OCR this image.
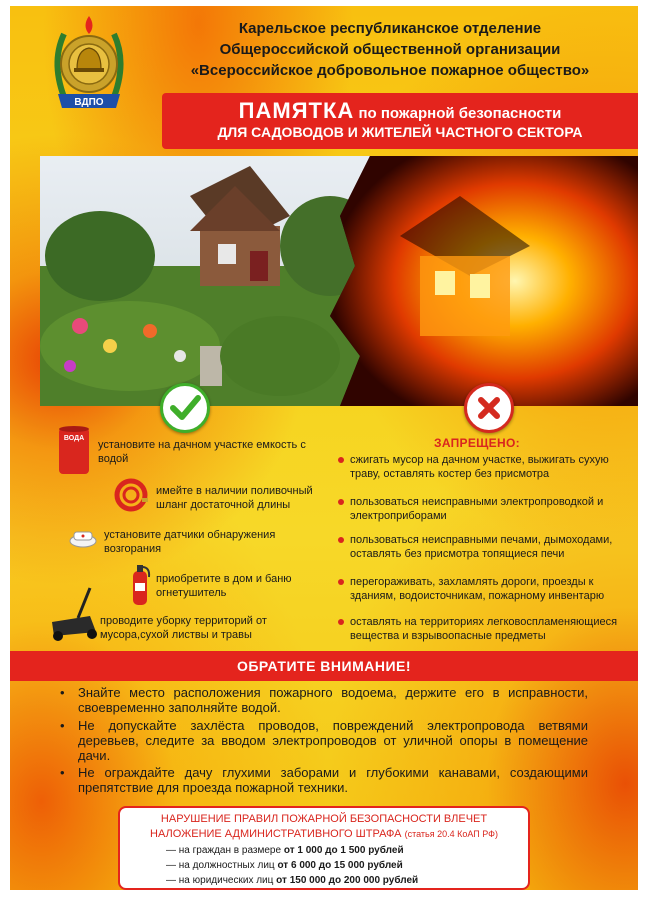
ВДПО
Карельское республиканское отделение
Общероссийской общественной организации
«Всероссийское добровольное пожарное общество»
ПАМЯТКА по пожарной безопасности
ДЛЯ САДОВОДОВ И ЖИТЕЛЕЙ ЧАСТНОГО СЕКТОРА
ВОДА
установите на дачном участке емкость с водой
имейте в наличии поливочный шланг достаточной длины
установите датчики обнаружения возгорания
приобретите в дом и баню огнетушитель
проводите уборку территорий от мусора,сухой листвы и травы
ЗАПРЕЩЕНО:
сжигать мусор на дачном участке, выжигать сухую траву, оставлять костер без присмотра
пользоваться неисправными электропроводкой и электроприборами
пользоваться неисправными печами, дымоходами, оставлять без присмотра топящиеся печи
перегораживать, захламлять дороги, проезды к зданиям, водоисточникам, пожарному инвентарю
оставлять на территориях легковоспламеняющиеся вещества и взрывоопасные предметы
ОБРАТИТЕ ВНИМАНИЕ!
• Знайте место расположения пожарного водоема, держите его в исправности, своевременно заполняйте водой.
• Не допускайте захлёста проводов, повреждений электропровода ветвями деревьев, следите за вводом электропроводов от уличной опоры в помещение дачи.
• Не ограждайте дачу глухими заборами и глубокими канавами, создающими препятствие для проезда пожарной техники.
НАРУШЕНИЕ ПРАВИЛ ПОЖАРНОЙ БЕЗОПАСНОСТИ ВЛЕЧЕТ
НАЛОЖЕНИЕ АДМИНИСТРАТИВНОГО ШТРАФА (статья 20.4 КоАП РФ)
— на граждан в размере от 1 000 до 1 500 рублей
— на должностных лиц от 6 000 до 15 000 рублей
— на юридических лиц от 150 000 до 200 000 рублей
